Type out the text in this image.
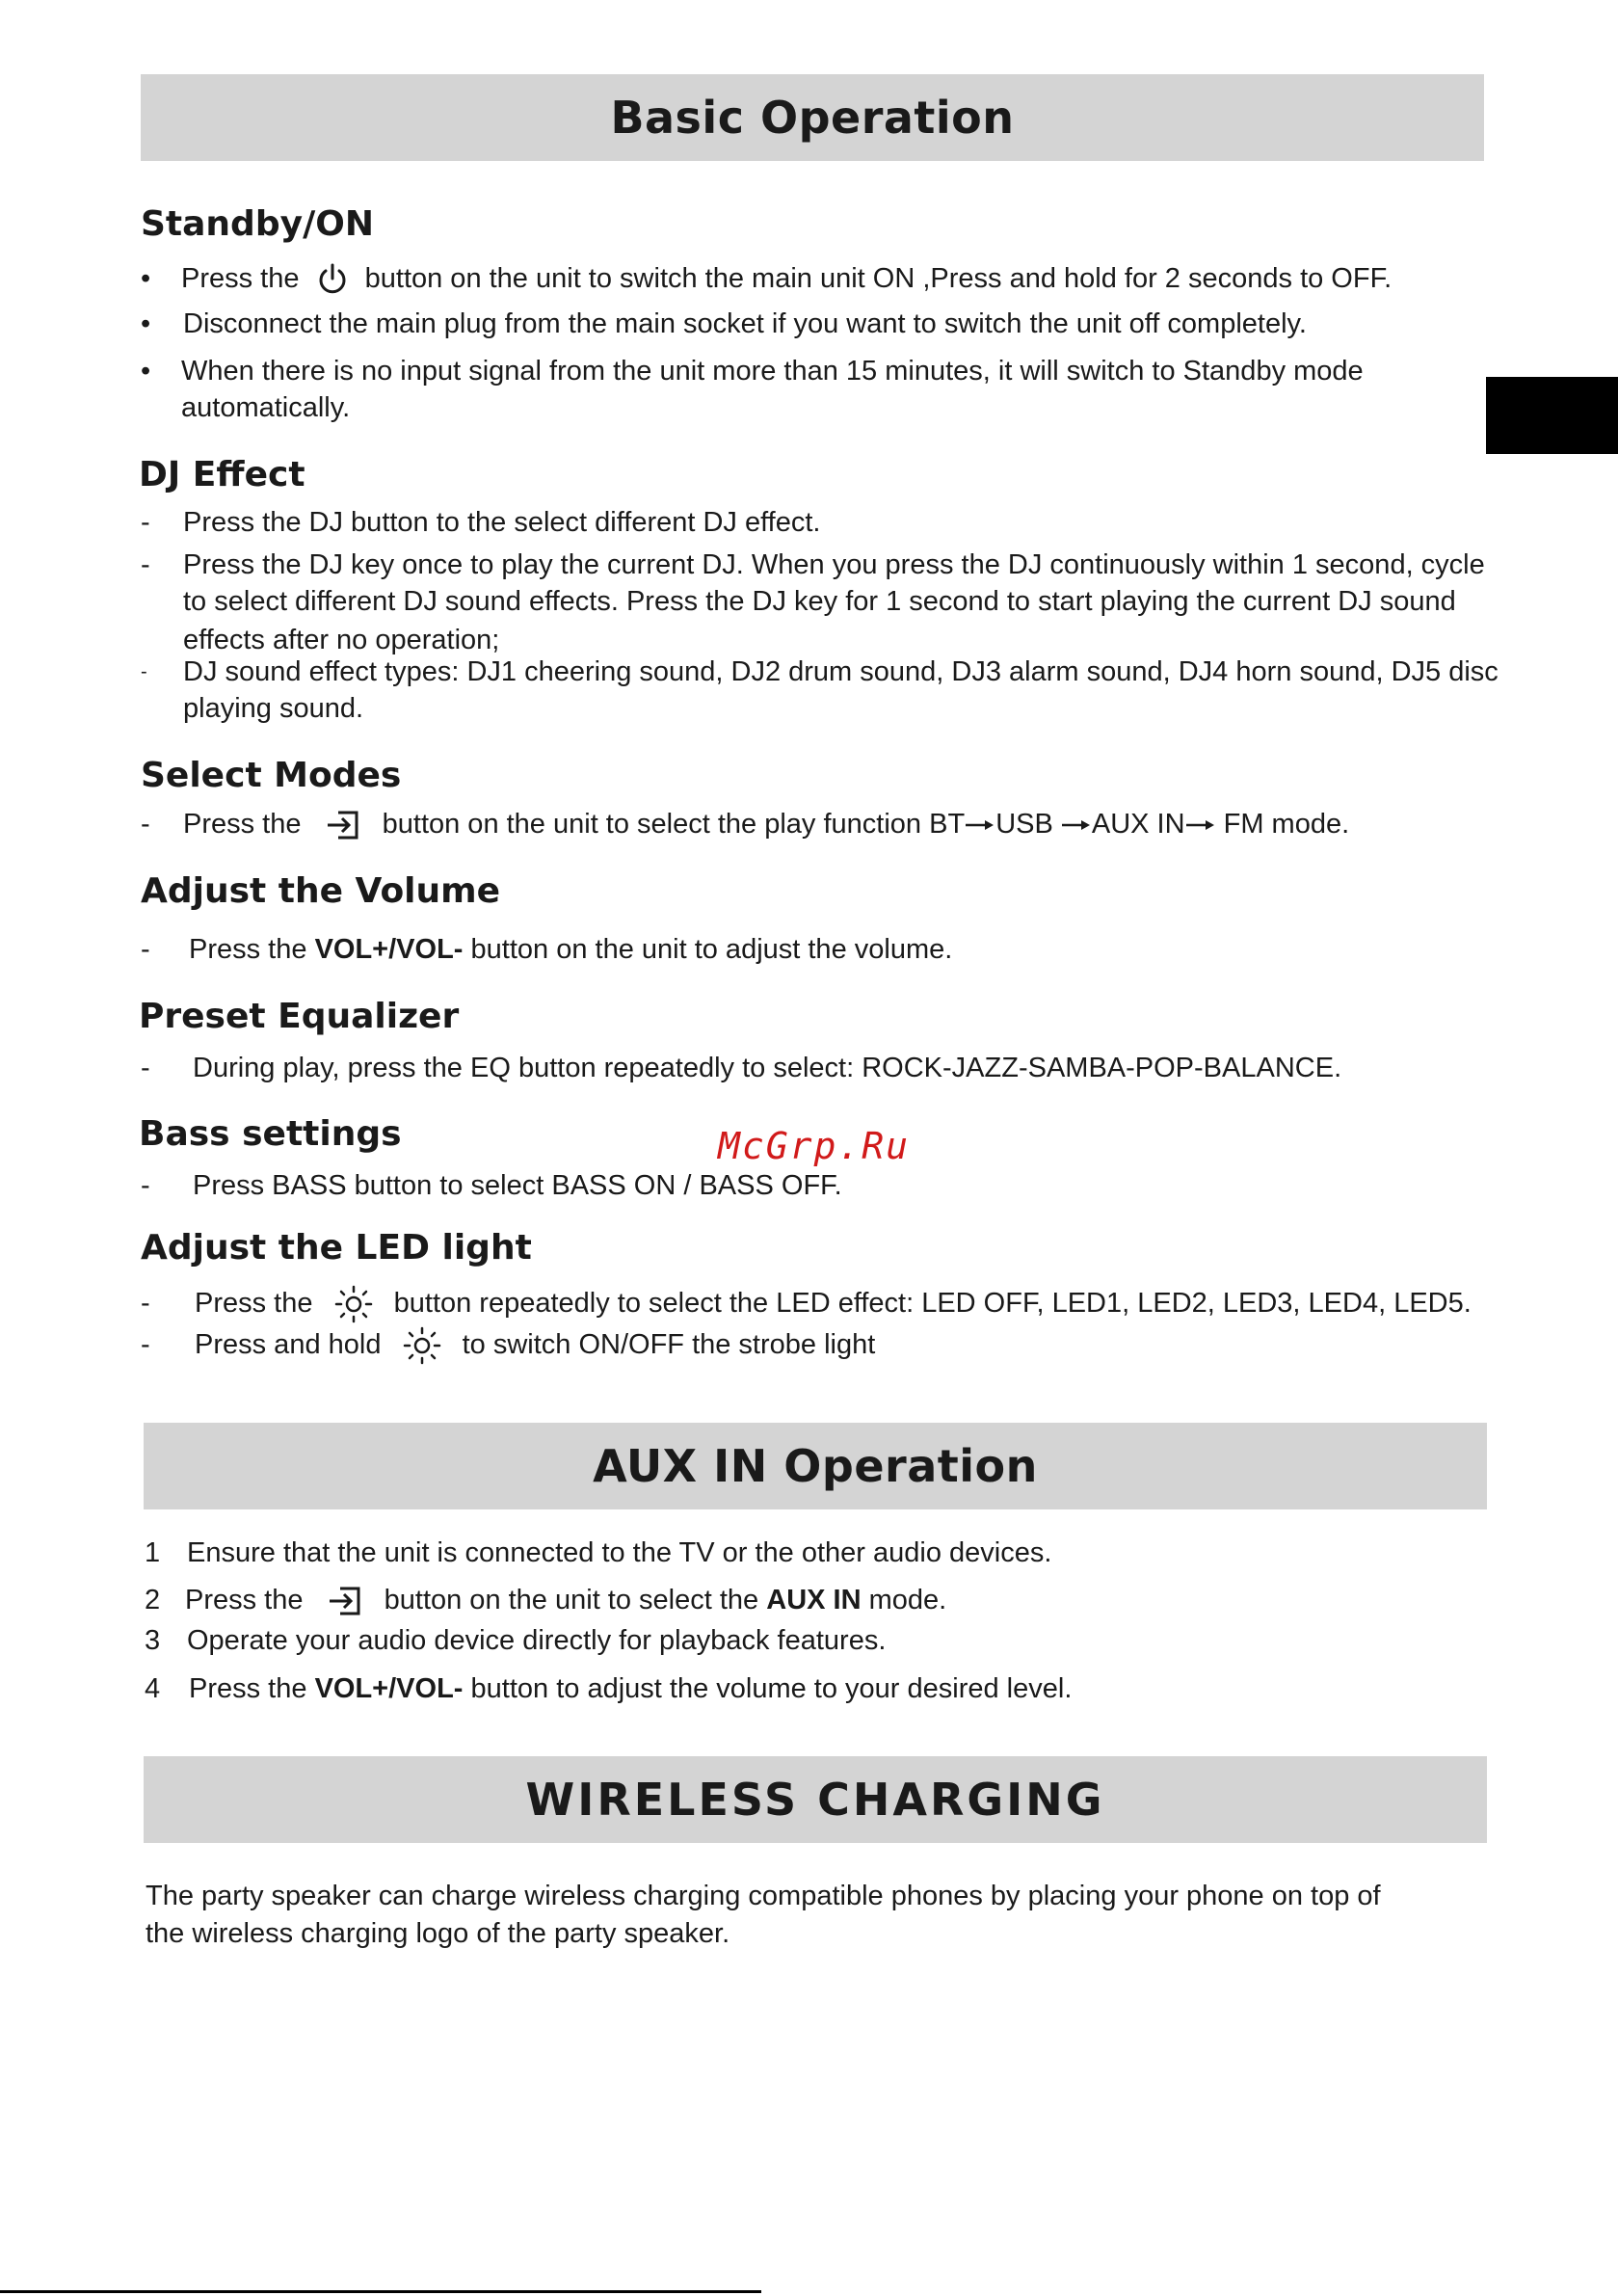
Basic Operation
Standby/ON
• Press the button on the unit to switch the main unit ON ,Press and hold for 2 seconds to OFF.
• Disconnect the main plug from the main socket if you want to switch the unit off completely.
• When there is no input signal from the unit more than 15 minutes, it will switch to Standby mode
automatically.
DJ Effect
- Press the DJ button to the select different DJ effect.
- Press the DJ key once to play the current DJ. When you press the DJ continuously within 1 second, cycle
to select different DJ sound effects. Press the DJ key for 1 second to start playing the current DJ sound
effects after no operation;
- DJ sound effect types: DJ1 cheering sound, DJ2 drum sound, DJ3 alarm sound, DJ4 horn sound, DJ5 disc
playing sound.
Select Modes
- Press the	button on the unit to select the play function BT USB AUX IN FM mode.
Adjust the Volume
- Press the VOL+/VOL- button on the unit to adjust the volume.
Preset Equalizer
- During play, press the EQ button repeatedly to select: ROCK-JAZZ-SAMBA-POP-BALANCE.
Bass settings	McGrp.Ru
- Press BASS button to select BASS ON / BASS OFF.
Adjust the LED light
- Press the	button repeatedly to select the LED effect: LED OFF, LED1, LED2, LED3, LED4, LED5.
- Press and hold	to switch ON/OFF the strobe light
AUX IN Operation
1 Ensure that the unit is connected to the TV or the other audio devices.
2 Press the	button on the unit to select the AUX IN mode.
3 Operate your audio device directly for playback features.
4 Press the VOL+/VOL- button to adjust the volume to your desired level.
WIRELESS CHARGING
The party speaker can charge wireless charging compatible phones by placing your phone on top of
the wireless charging logo of the party speaker.
